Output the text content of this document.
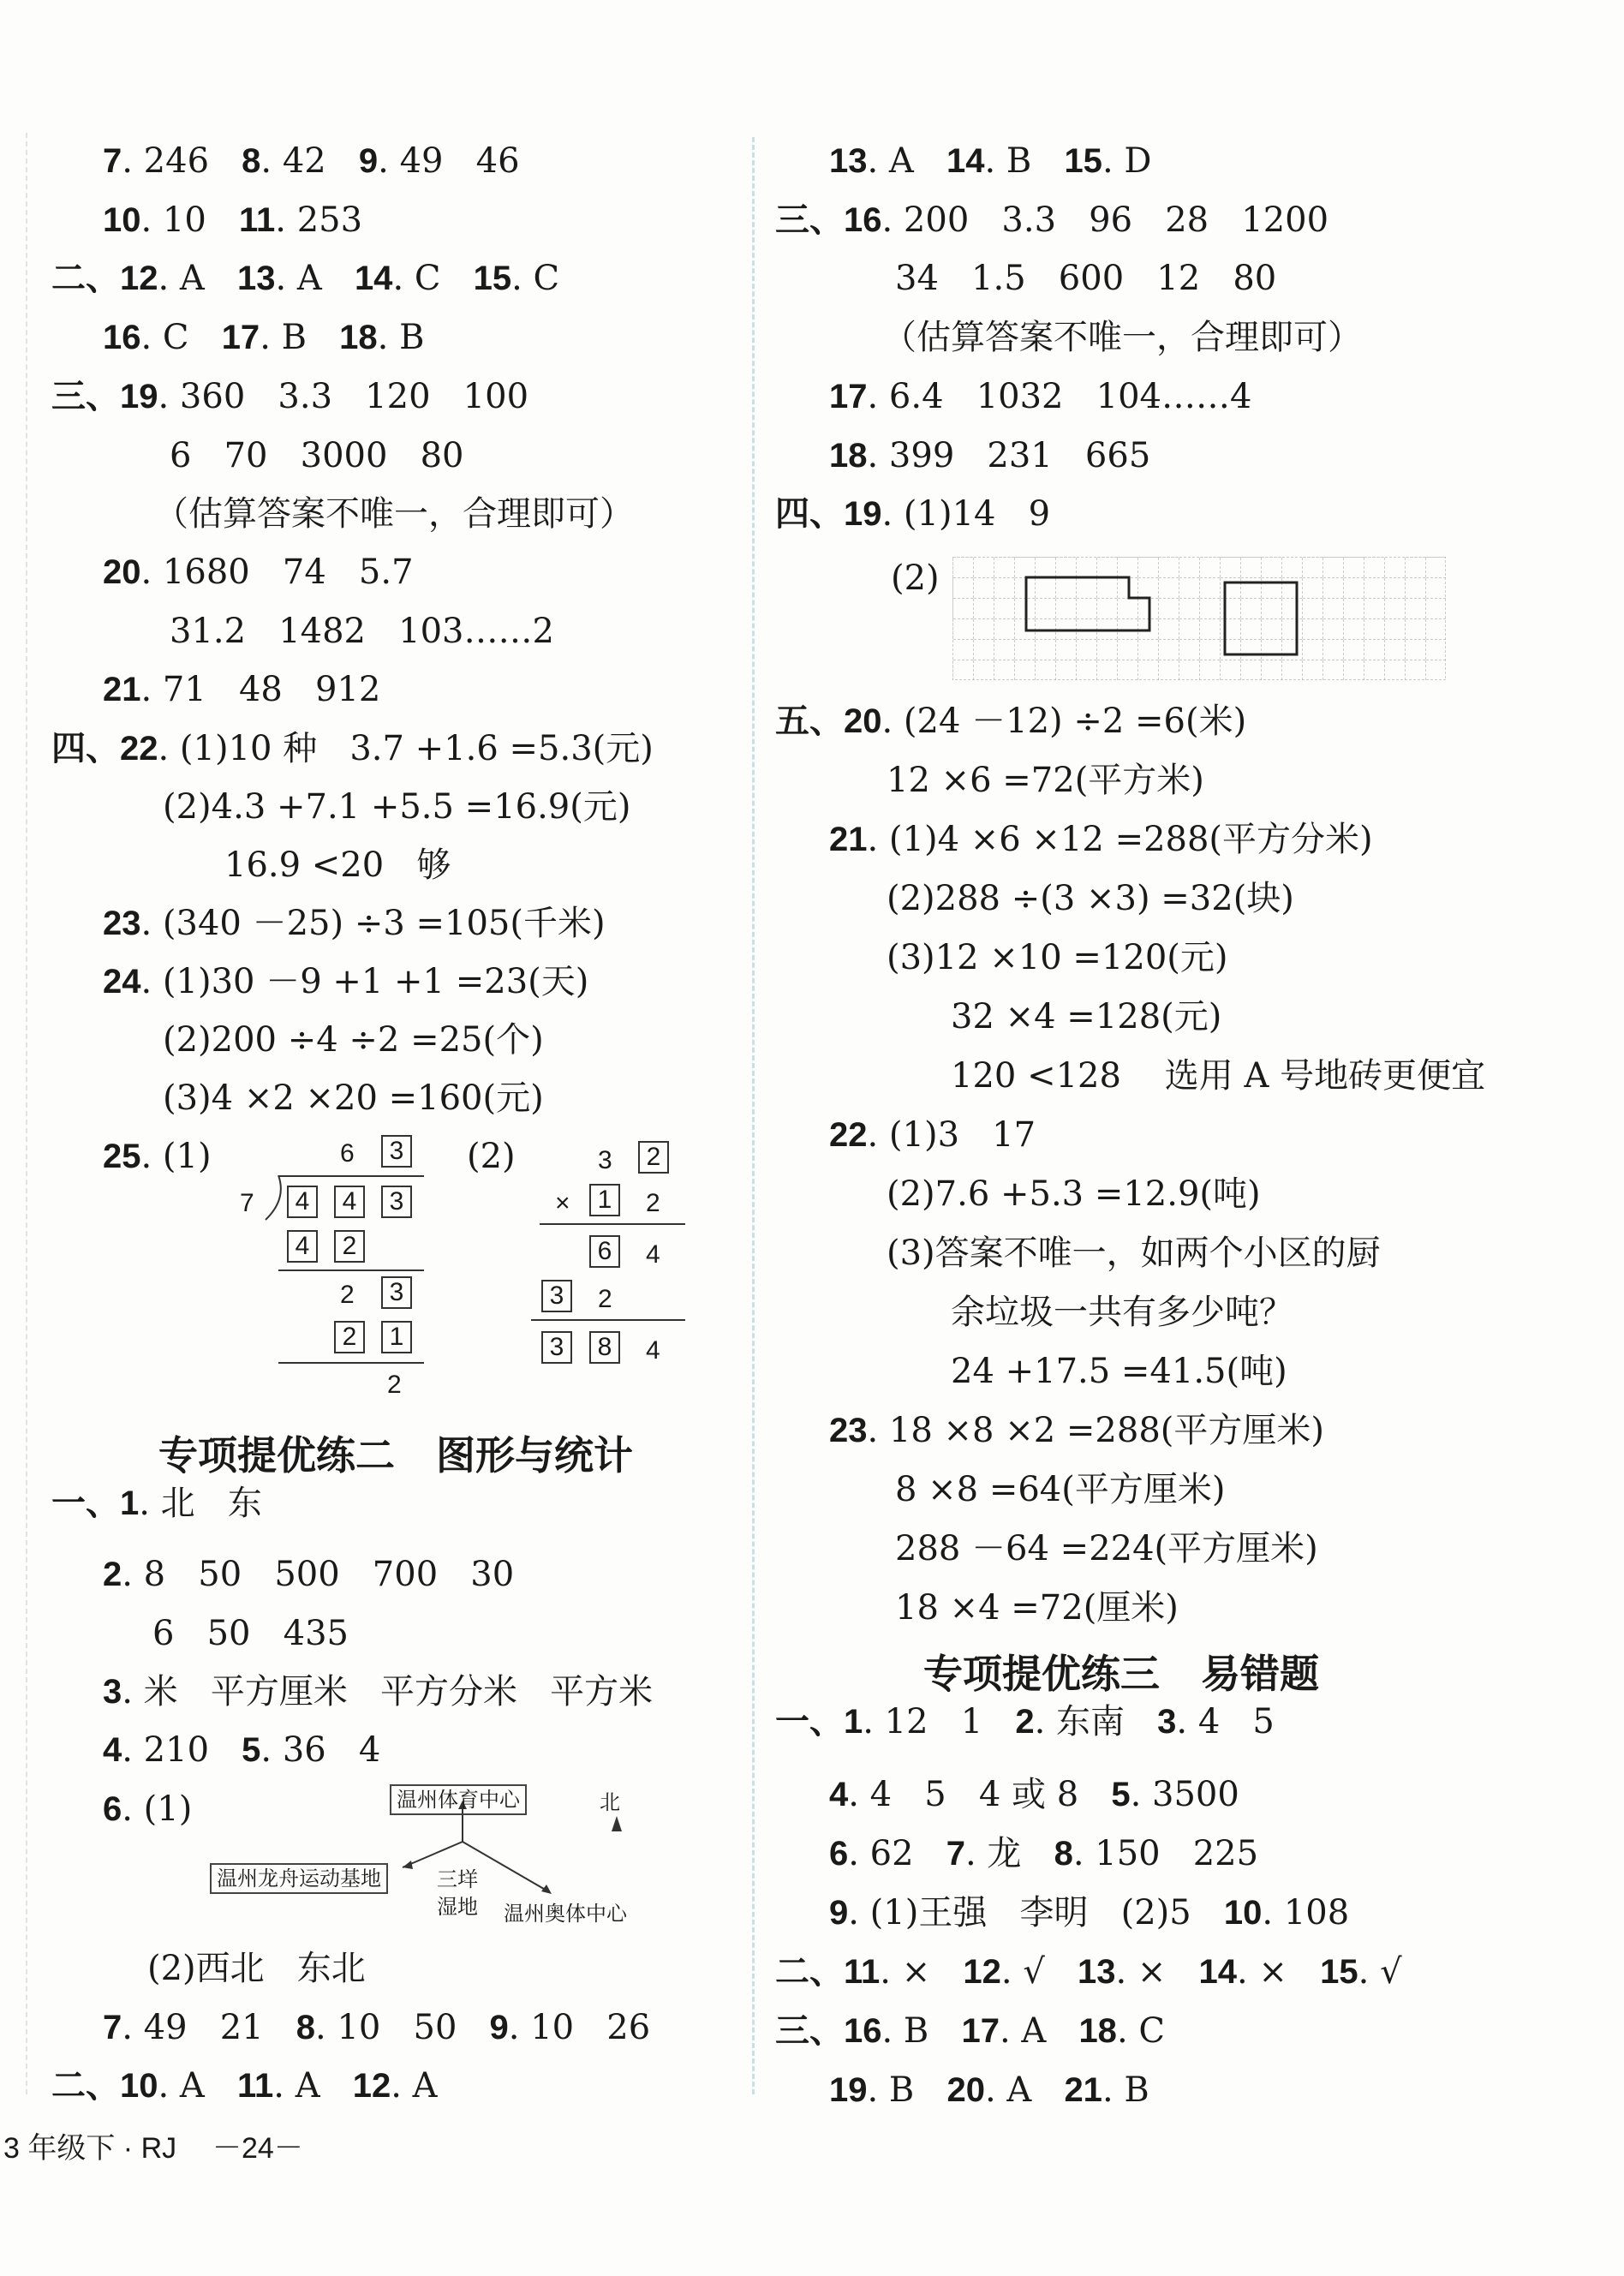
7. 246   8. 42   9. 49   46
10. 10   11. 253
二、12. A   13. A   14. C   15. C
16. C   17. B   18. B
三、19. 360   3.3   120   100
6   70   3000   80
（估算答案不唯一，合理即可）
20. 1680   74   5.7
31.2   1482   103……2
21. 71   48   912
四、22. (1)10 种   3.7 +1.6 =5.3(元)
(2)4.3 +7.1 +5.5 =16.9(元)
16.9 <20   够
23. (340 －25) ÷3 =105(千米)
24. (1)30 －9 +1 +1 =23(天)
(2)200 ÷4 ÷2 =25(个)
(3)4 ×2 ×20 =160(元)
25. (1)	(2)
6	3
7	4	4	3
4	2
2	3
2	1
2
3	2
×	1	2
6	4
3	2
3	8	4
专项提优练二   图形与统计
一、1. 北   东
2. 8   50   500   700   30
6   50   435
3. 米   平方厘米   平方分米   平方米
4. 210   5. 36   4
6. (1)	北
温州体育中心
温州龙舟运动基地	三垟
湿地 温州奥体中心
(2)西北   东北
7. 49   21   8. 10   50   9. 10   26
二、10. A   11. A   12. A
13. A   14. B   15. D
三、16. 200   3.3   96   28   1200
34   1.5   600   12   80
（估算答案不唯一，合理即可）
17. 6.4   1032   104……4
18. 399   231   665
四、19. (1)14   9
(2)
五、20. (24 －12) ÷2 =6(米)
12 ×6 =72(平方米)
21. (1)4 ×6 ×12 =288(平方分米)
(2)288 ÷(3 ×3) =32(块)
(3)12 ×10 =120(元)
32 ×4 =128(元)
120 <128    选用 A 号地砖更便宜
22. (1)3   17
(2)7.6 +5.3 =12.9(吨)
(3)答案不唯一，如两个小区的厨
余垃圾一共有多少吨？
24 +17.5 =41.5(吨)
23. 18 ×8 ×2 =288(平方厘米)
8 ×8 =64(平方厘米)
288 －64 =224(平方厘米)
18 ×4 =72(厘米)
专项提优练三   易错题
一、1. 12   1   2. 东南   3. 4   5
4. 4   5   4 或 8   5. 3500
6. 62   7. 龙   8. 150   225
9. (1)王强   李明   (2)5   10. 108
二、11. ×   12. √   13. ×   14. ×   15. √
三、16. B   17. A   18. C
19. B   20. A   21. B
3 年级下 · RJ －24－
